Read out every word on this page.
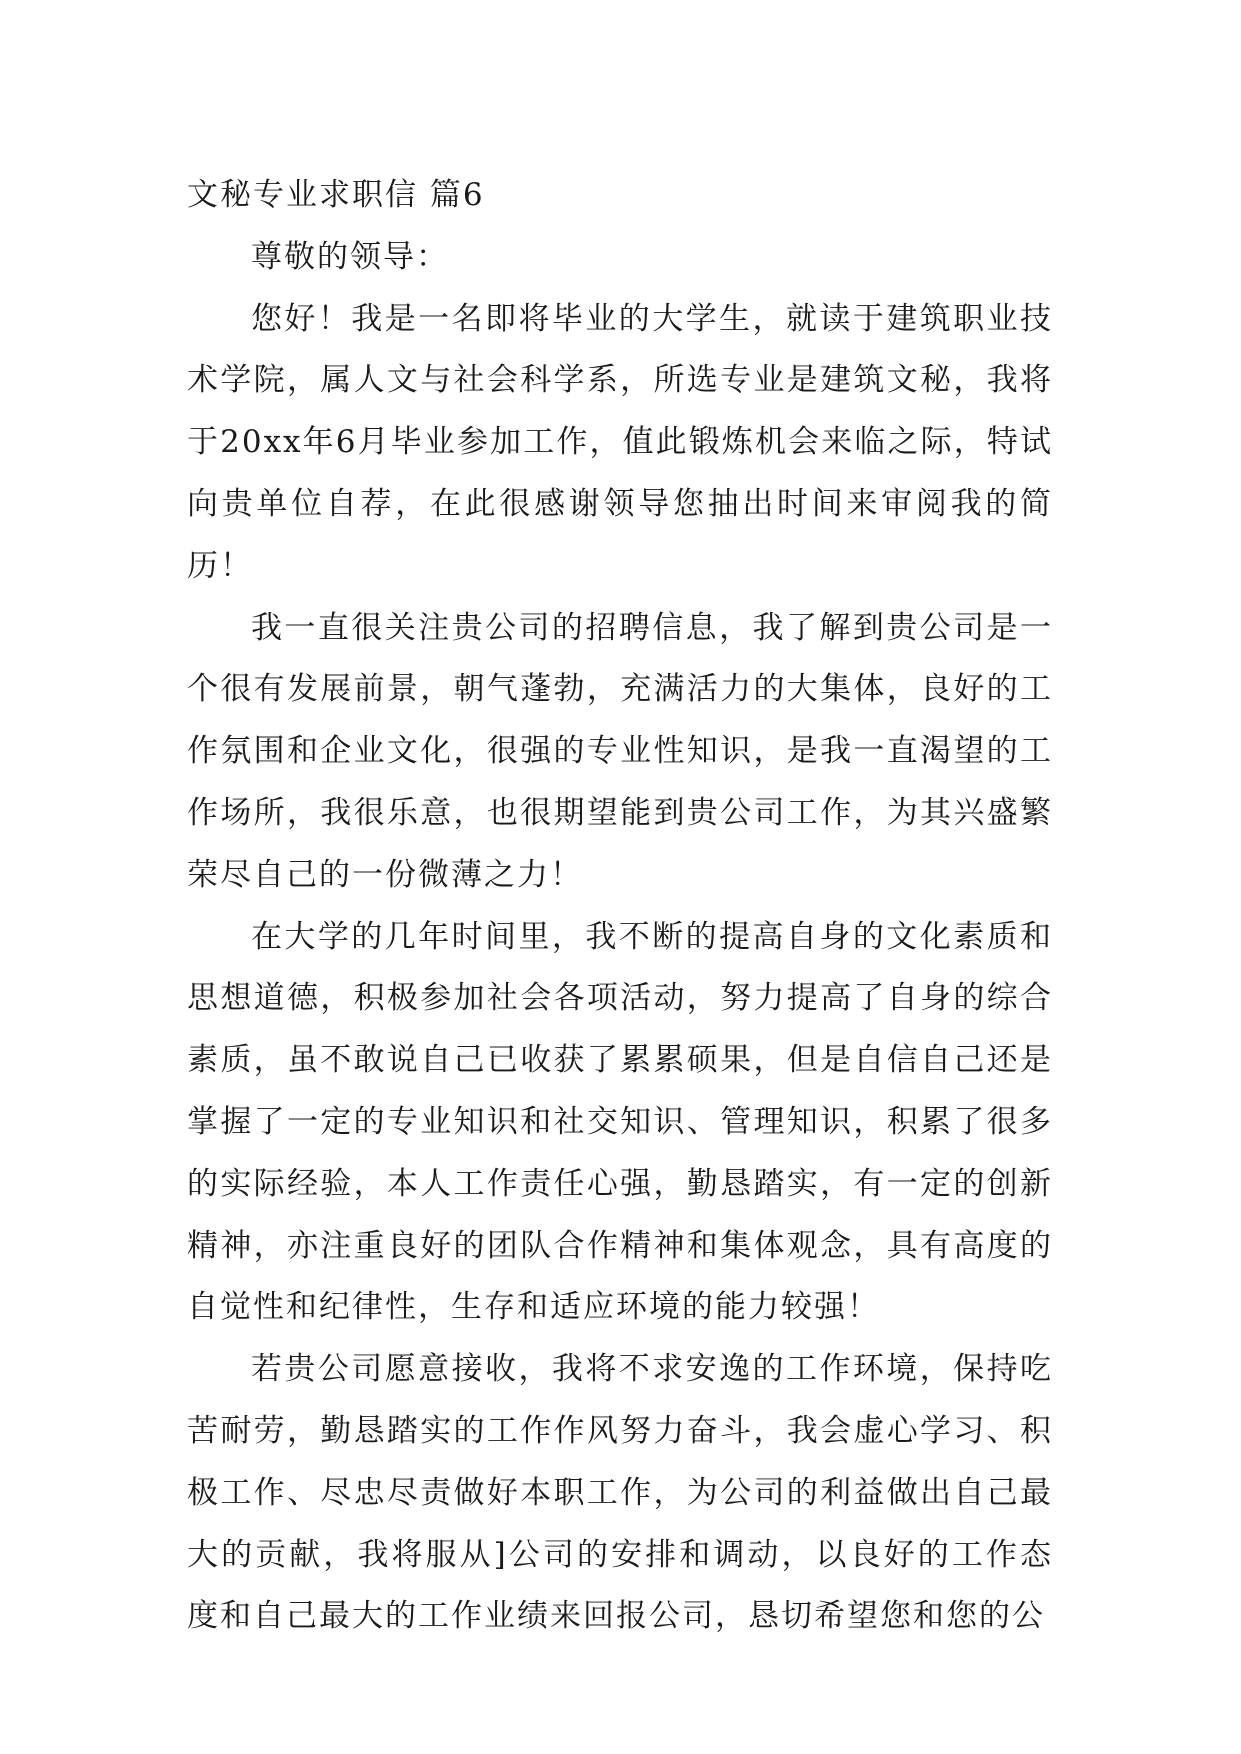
文秘专业求职信 篇6

尊敬的领导：

您好！我是一名即将毕业的大学生，就读于建筑职业技术学院，属人文与社会科学系，所选专业是建筑文秘，我将于20xx年6月毕业参加工作，值此锻炼机会来临之际，特试向贵单位自荐，在此很感谢领导您抽出时间来审阅我的简历！

我一直很关注贵公司的招聘信息，我了解到贵公司是一个很有发展前景，朝气蓬勃，充满活力的大集体，良好的工作氛围和企业文化，很强的专业性知识，是我一直渴望的工作场所，我很乐意，也很期望能到贵公司工作，为其兴盛繁荣尽自己的一份微薄之力！

在大学的几年时间里，我不断的提高自身的文化素质和思想道德，积极参加社会各项活动，努力提高了自身的综合素质，虽不敢说自己已收获了累累硕果，但是自信自己还是掌握了一定的专业知识和社交知识、管理知识，积累了很多的实际经验，本人工作责任心强，勤恳踏实，有一定的创新精神，亦注重良好的团队合作精神和集体观念，具有高度的自觉性和纪律性，生存和适应环境的能力较强！

若贵公司愿意接收，我将不求安逸的工作环境，保持吃苦耐劳，勤恳踏实的工作作风努力奋斗，我会虚心学习、积极工作、尽忠尽责做好本职工作，为公司的利益做出自己最大的贡献，我将服从]公司的安排和调动，以良好的工作态度和自己最大的工作业绩来回报公司，恳切希望您和您的公
